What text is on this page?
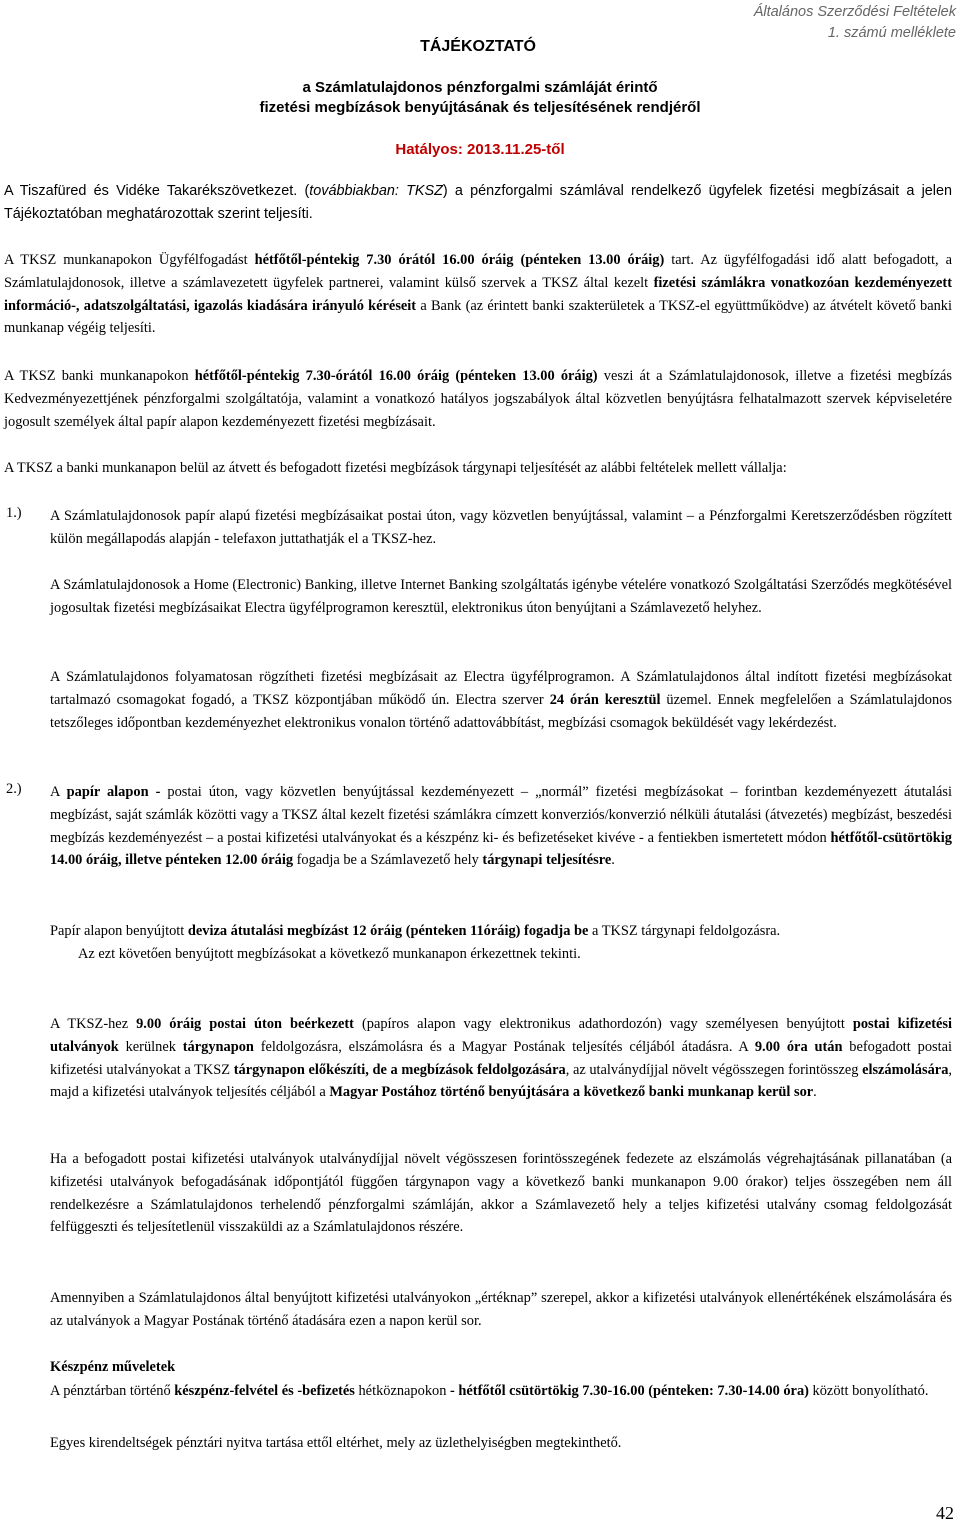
Általános Szerződési Feltételek
1. számú melléklete
TÁJÉKOZTATÓ
a Számlatulajdonos pénzforgalmi számláját érintő
fizetési megbízások benyújtásának és teljesítésének rendjéről
Hatályos: 2013.11.25-től

A Tiszafüred és Vidéke Takarékszövetkezet. (továbbiakban: TKSZ) a pénzforgalmi számlával rendelkező ügyfelek fizetési megbízásait a jelen Tájékoztatóban meghatározottak szerint teljesíti.

A TKSZ munkanapokon Ügyfélfogadást hétfőtől-péntekig 7.30 órától 16.00 óráig (pénteken 13.00 óráig) tart. Az ügyfélfogadási idő alatt befogadott, a Számlatulajdonosok, illetve a számlavezetett ügyfelek partnerei, valamint külső szervek a TKSZ által kezelt fizetési számlákra vonatkozóan kezdeményezett információ-, adatszolgáltatási, igazolás kiadására irányuló kéréseit a Bank (az érintett banki szakterületek a TKSZ-el együttműködve) az átvételt követő banki munkanap végéig teljesíti.

A TKSZ banki munkanapokon hétfőtől-péntekig 7.30-órától 16.00 óráig (pénteken 13.00 óráig) veszi át a Számlatulajdonosok, illetve a fizetési megbízás Kedvezményezettjének pénzforgalmi szolgáltatója, valamint a vonatkozó hatályos jogszabályok által közvetlen benyújtásra felhatalmazott szervek képviseletére jogosult személyek által papír alapon kezdeményezett fizetési megbízásait.

A TKSZ a banki munkanapon belül az átvett és befogadott fizetési megbízások tárgynapi teljesítését az alábbi feltételek mellett vállalja:

1.) A Számlatulajdonosok papír alapú fizetési megbízásaikat postai úton, vagy közvetlen benyújtással, valamint – a Pénzforgalmi Keretszerződésben rögzített külön megállapodás alapján - telefaxon juttathatják el a TKSZ-hez.

A Számlatulajdonosok a Home (Electronic) Banking, illetve Internet Banking szolgáltatás igénybe vételére vonatkozó Szolgáltatási Szerződés megkötésével jogosultak fizetési megbízásaikat Electra ügyfélprogramon keresztül, elektronikus úton benyújtani a Számlavezető helyhez.

A Számlatulajdonos folyamatosan rögzítheti fizetési megbízásait az Electra ügyfélprogramon. A Számlatulajdonos által indított fizetési megbízásokat tartalmazó csomagokat fogadó, a TKSZ központjában működő ún. Electra szerver 24 órán keresztül üzemel. Ennek megfelelően a Számlatulajdonos tetszőleges időpontban kezdeményezhet elektronikus vonalon történő adattovábbítást, megbízási csomagok beküldését vagy lekérdezést.

2.) A papír alapon - postai úton, vagy közvetlen benyújtással kezdeményezett – „normál” fizetési megbízásokat – forintban kezdeményezett átutalási megbízást, saját számlák közötti vagy a TKSZ által kezelt fizetési számlákra címzett konverziós/konverzió nélküli átutalási (átvezetés) megbízást, beszedési megbízás kezdeményezést – a postai kifizetési utalványokat és a készpénz ki- és befizetéseket kivéve - a fentiekben ismertetett módon hétfőtől-csütörtökig 14.00 óráig, illetve pénteken 12.00 óráig fogadja be a Számlavezető hely tárgynapi teljesítésre.

Papír alapon benyújtott deviza átutalási megbízást 12 óráig (pénteken 11óráig) fogadja be a TKSZ tárgynapi feldolgozásra.

Az ezt követően benyújtott megbízásokat a következő munkanapon érkezettnek tekinti.

A TKSZ-hez 9.00 óráig postai úton beérkezett (papíros alapon vagy elektronikus adathordozón) vagy személyesen benyújtott postai kifizetési utalványok kerülnek tárgynapon feldolgozásra, elszámolásra és a Magyar Postának teljesítés céljából átadásra. A 9.00 óra után befogadott postai kifizetési utalványokat a TKSZ tárgynapon előkészíti, de a megbízások feldolgozására, az utalványdíjjal növelt végösszegen forintösszeg elszámolására, majd a kifizetési utalványok teljesítés céljából a Magyar Postához történő benyújtására a következő banki munkanap kerül sor.

Ha a befogadott postai kifizetési utalványok utalványdíjjal növelt végösszesen forintösszegének fedezete az elszámolás végrehajtásának pillanatában (a kifizetési utalványok befogadásának időpontjától függően tárgynapon vagy a következő banki munkanapon 9.00 órakor) teljes összegében nem áll rendelkezésre a Számlatulajdonos terhelendő pénzforgalmi számláján, akkor a Számlavezető hely a teljes kifizetési utalvány csomag feldolgozását felfüggeszti és teljesítetlenül visszaküldi az a Számlatulajdonos részére.

Amennyiben a Számlatulajdonos által benyújtott kifizetési utalványokon „értéknap” szerepel, akkor a kifizetési utalványok ellenértékének elszámolására és az utalványok a Magyar Postának történő átadására ezen a napon kerül sor.

Készpénz műveletek

A pénztárban történő készpénz-felvétel és -befizetés hétköznapokon - hétfőtől csütörtökig 7.30-16.00 (pénteken: 7.30-14.00 óra) között bonyolítható.

Egyes kirendeltségek pénztári nyitva tartása ettől eltérhet, mely az üzlethelyiségben megtekinthető.

42
